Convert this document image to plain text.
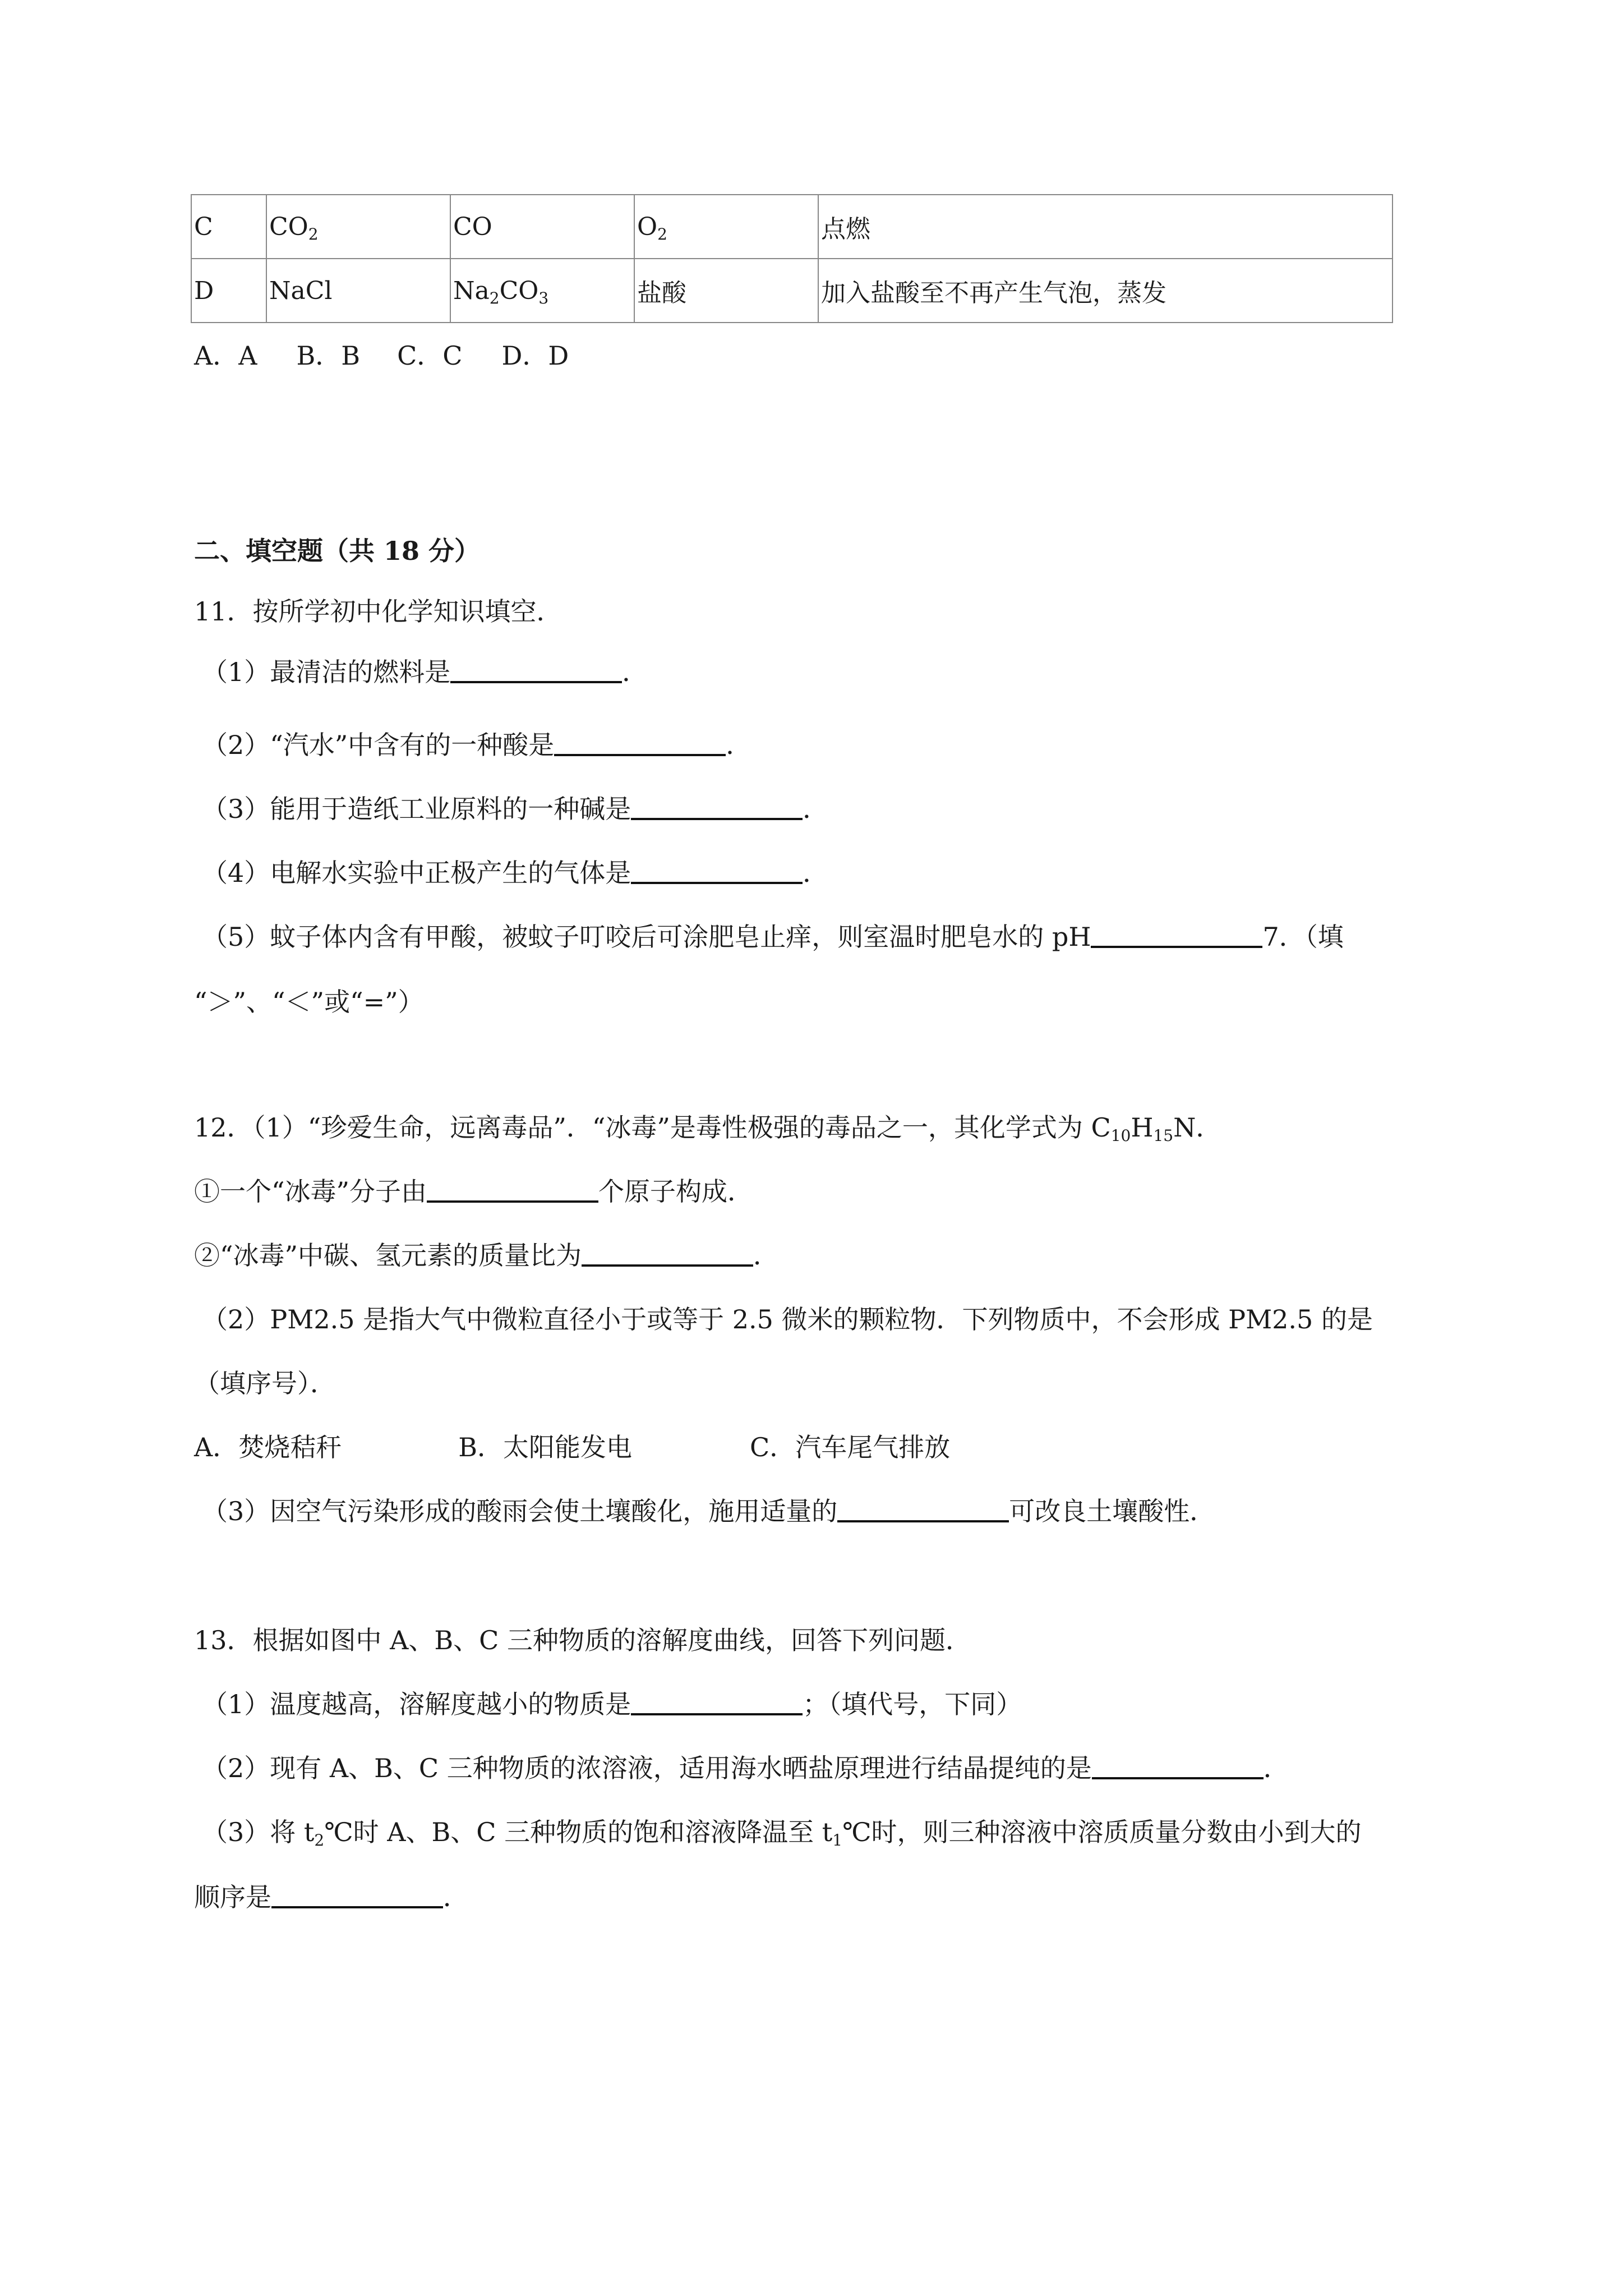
C	$CO_2$	CO	$O_2$	点燃
D	NaCl	$Na_2CO_3$	盐酸	加入盐酸至不再产生气泡，蒸发
A．A B．B C．C D．D
二、填空题（共 18 分）
11．按所学初中化学知识填空．
（1）最清洁的燃料是	．
（2）“汽水”中含有的一种酸是	．
（3）能用于造纸工业原料的一种碱是	．
（4）电解水实验中正极产生的气体是	．
（5）蚊子体内含有甲酸，被蚊子叮咬后可涂肥皂止痒，则室温时肥皂水的 pH	7．（填
“＞”、“＜”或“=”）
12．（1）“珍爱生命，远离毒品”．“冰毒”是毒性极强的毒品之一，其化学式为 $C_{10}H_{15}N$．
①一个“冰毒”分子由	个原子构成．
②“冰毒”中碳、氢元素的质量比为	．
（2）PM2.5 是指大气中微粒直径小于或等于 2.5 微米的颗粒物．下列物质中，不会形成 PM2.5 的是
（填序号）．
A．焚烧秸秆	B．太阳能发电	C．汽车尾气排放
（3）因空气污染形成的酸雨会使土壤酸化，施用适量的	可改良土壤酸性．
13．根据如图中 A、B、C 三种物质的溶解度曲线，回答下列问题．
（1）温度越高，溶解度越小的物质是	；（填代号，下同）
（2）现有 A、B、C 三种物质的浓溶液，适用海水晒盐原理进行结晶提纯的是	．
（3）将 $t_2℃$时 A、B、C 三种物质的饱和溶液降温至 $t_1℃$时，则三种溶液中溶质质量分数由小到大的
顺序是	．
